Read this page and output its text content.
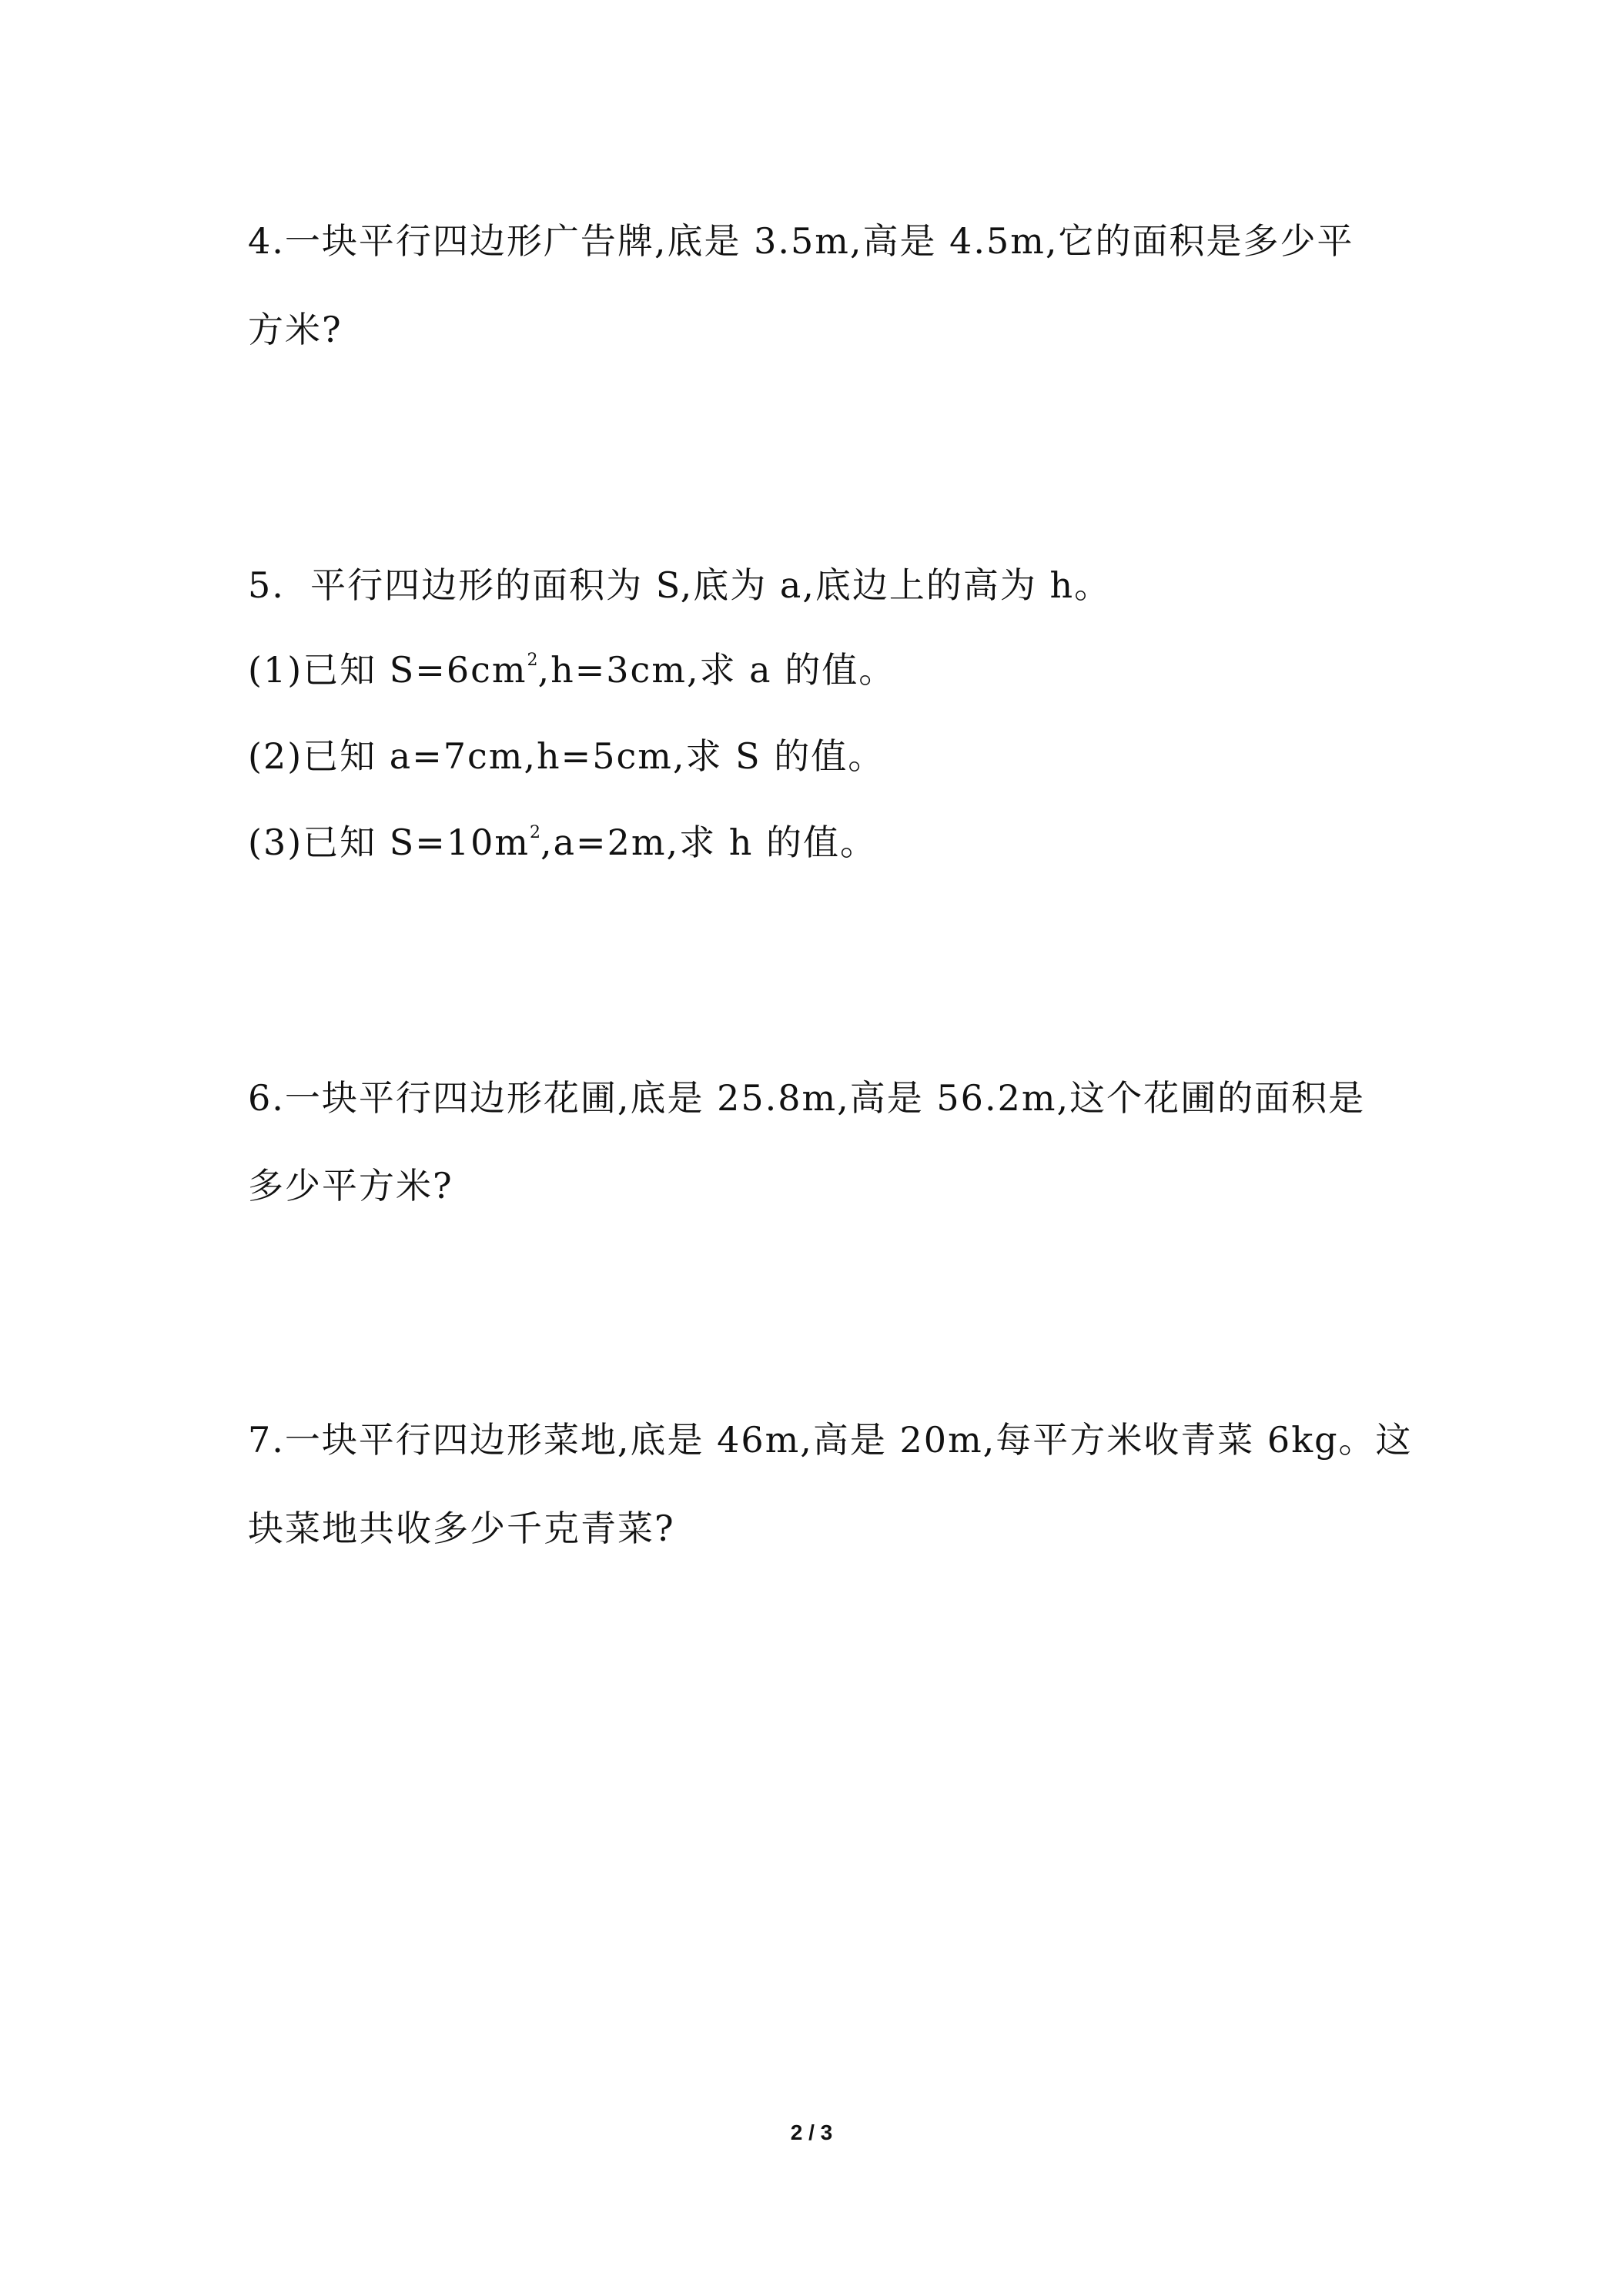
4.一块平行四边形广告牌,底是 3.5m,高是 4.5m,它的面积是多少平
方米?
5.  平行四边形的面积为 S,底为 a,底边上的高为 h。
(1)已知 $S=6cm^2,h=3cm$,求 a 的值。
(2)已知 a=7cm,h=5cm,求 S 的值。
(3)已知 $S=10m^2,a=2m$,求 h 的值。
6.一块平行四边形花圃,底是 25.8m,高是 56.2m,这个花圃的面积是
多少平方米?
7.一块平行四边形菜地,底是 46m,高是 20m,每平方米收青菜 6kg。这
块菜地共收多少千克青菜?
2 / 3
